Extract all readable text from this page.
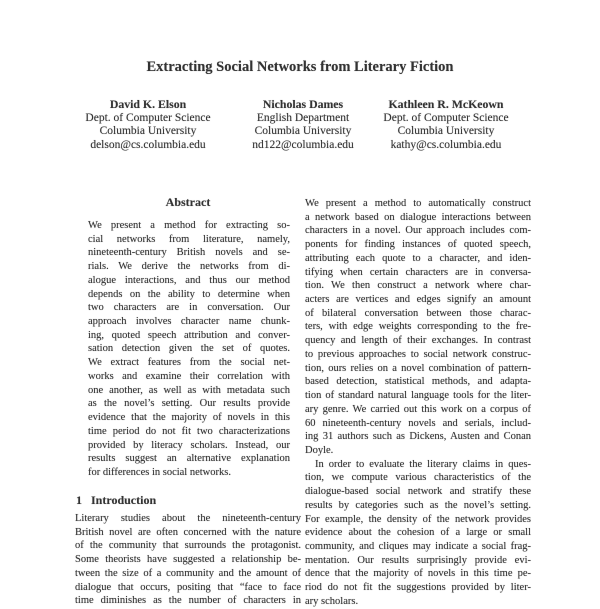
Extracting Social Networks from Literary Fiction
David K. Elson
Dept. of Computer Science
Columbia University
delson@cs.columbia.edu
Nicholas Dames
English Department
Columbia University
nd122@columbia.edu
Kathleen R. McKeown
Dept. of Computer Science
Columbia University
kathy@cs.columbia.edu
Abstract
We present a method for extracting so-
cial networks from literature, namely,
nineteenth-century British novels and se-
rials. We derive the networks from di-
alogue interactions, and thus our method
depends on the ability to determine when
two characters are in conversation. Our
approach involves character name chunk-
ing, quoted speech attribution and conver-
sation detection given the set of quotes.
We extract features from the social net-
works and examine their correlation with
one another, as well as with metadata such
as the novel’s setting. Our results provide
evidence that the majority of novels in this
time period do not fit two characterizations
provided by literacy scholars. Instead, our
results suggest an alternative explanation
for differences in social networks.
1 Introduction
Literary studies about the nineteenth-century
British novel are often concerned with the nature
of the community that surrounds the protagonist.
Some theorists have suggested a relationship be-
tween the size of a community and the amount of
dialogue that occurs, positing that “face to face
time diminishes as the number of characters in
We present a method to automatically construct
a network based on dialogue interactions between
characters in a novel. Our approach includes com-
ponents for finding instances of quoted speech,
attributing each quote to a character, and iden-
tifying when certain characters are in conversa-
tion. We then construct a network where char-
acters are vertices and edges signify an amount
of bilateral conversation between those charac-
ters, with edge weights corresponding to the fre-
quency and length of their exchanges. In contrast
to previous approaches to social network construc-
tion, ours relies on a novel combination of pattern-
based detection, statistical methods, and adapta-
tion of standard natural language tools for the liter-
ary genre. We carried out this work on a corpus of
60 nineteenth-century novels and serials, includ-
ing 31 authors such as Dickens, Austen and Conan
Doyle.
In order to evaluate the literary claims in ques-
tion, we compute various characteristics of the
dialogue-based social network and stratify these
results by categories such as the novel’s setting.
For example, the density of the network provides
evidence about the cohesion of a large or small
community, and cliques may indicate a social frag-
mentation. Our results surprisingly provide evi-
dence that the majority of novels in this time pe-
riod do not fit the suggestions provided by liter-
ary scholars.
